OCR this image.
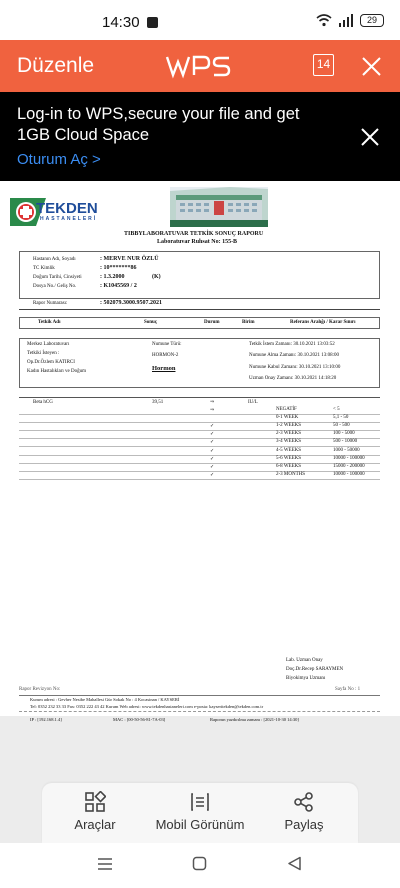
14:30	29
Düzenle	14
Log-in to WPS,secure your file and get 1GB Cloud Space
Oturum Aç >
TEKDEN
HASTANELERİ
TIBBYLABORATUVAR TETKİK SONUÇ RAPORU
Laboratuvar Ruhsat No: 155-B
Hastanın Adı, Soyadı	: MERVE NUR ÖZLÜ
TC Kimlik	: 10*******86
Doğum Tarihi, Cinsiyeti	: 1.3.2000	(K)
Dosya No./ Geliş No.	: K1045569 / 2
Rapor Numarası:	: 502079.3000.9507.2021
Tetkik Adı	Sonuç	Durum	Birim	Referans Aralığı / Karar Sınırı
Merkez Laboratuvarı
Tetkiki İsteyen :
Op.Dr.Özlem KATIRCI
Kadın Hastalıkları ve Doğum
Numune Türü:
HORMON-2
Hormon
Tetkik İstem Zamanı: 30.10.2021 13:03:52
Numune Alma Zamanı: 30.10.2021 13:08:00
Numune Kabul Zamanı: 30.10.2021 13:10:00
Uzman Onay Zamanı: 30.10.2021 14:18:20
Beta hCG	39,51	⇒	IU/L
⇒	NEGATİF	< 5
0-1 WEEK	5,1 - 50
✓	1-2 WEEKS	50 - 500
✓	2-3 WEEKS	100 - 5000
✓	3-4 WEEKS	500 - 10000
✓	4-5 WEEKS	1000 - 50000
✓	5-6 WEEKS	10000 - 100000
✓	6-8 WEEKS	15000 - 200000
✓	2-3 MONTHS	10000 - 100000
Lab. Uzman Onay
Doç.Dr.Recep SARAYMEN
Biyokimya Uzmanı
Rapor Revizyon No:	Sayfa No : 1
Kurum adresi : Gevher Nesibe Mahallesi Gür Sokak No : 4 Kocasinan / KAYSERİ
Tel: 0352 232 33 33 Fax: 0352 222 43 42 Kurum Web adresi: www.tekdenhastaneleri.com e-posta: kayseritekden@tekden.com.tr
IP : [192.168.1.4]	MAC : [00-50-56-81-7A-03]	Raporun yazdırılma zamanı : [2021-10-30 14:30]
Araçlar	Mobil Görünüm	Paylaş
